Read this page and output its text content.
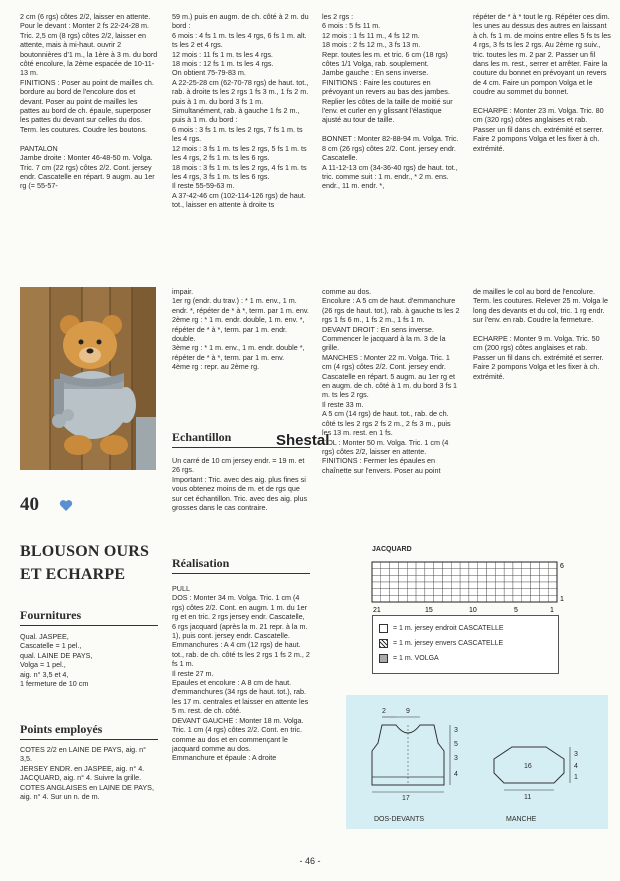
2 cm (6 rgs) côtes 2/2, laisser en attente.
Pour le devant : Monter 2 fs 22-24-28 m. Tric. 2,5 cm (8 rgs) côtes 2/2, laisser en attente, mais à mi-haut. ouvrir 2 boutonnières d'1 m., la 1ère à 3 m. du bord côté encolure, la 2ème espacée de 10-11-13 m.
FINITIONS : Poser au point de mailles ch. bordure au bord de l'encolure dos et devant. Poser au point de mailles les pattes au bord de ch. épaule, superposer les pattes du devant sur celles du dos. Term. les coutures. Coudre les boutons.

PANTALON
Jambe droite : Monter 46-48-50 m. Volga. Tric. 7 cm (22 rgs) côtes 2/2. Cont. jersey endr. Cascatelle en répart. 9 augm. au 1er rg (= 55-57-
59 m.) puis en augm. de ch. côté à 2 m. du bord :
6 mois : 4 fs 1 m. ts les 4 rgs, 6 fs 1 m. alt. ts les 2 et 4 rgs.
12 mois : 11 fs 1 m. ts les 4 rgs.
18 mois : 12 fs 1 m. ts les 4 rgs.
On obtient 75-79-83 m.
A 22-25-28 cm (62-70-78 rgs) de haut. tot., rab. à droite ts les 2 rgs 1 fs 3 m., 1 fs 2 m. puis à 1 m. du bord 3 fs 1 m. Simultanément, rab. à gauche 1 fs 2 m., puis à 1 m. du bord :
6 mois : 3 fs 1 m. ts les 2 rgs, 7 fs 1 m. ts les 4 rgs.
12 mois : 3 fs 1 m. ts les 2 rgs, 5 fs 1 m. ts les 4 rgs, 2 fs 1 m. ts les 6 rgs.
18 mois : 3 fs 1 m. ts les 2 rgs, 4 fs 1 m. ts les 4 rgs, 3 fs 1 m. ts les 6 rgs.
Il reste 55-59-63 m.
A 37-42-46 cm (102-114-126 rgs) de haut. tot., laisser en attente à droite ts
les 2 rgs :
6 mois : 5 fs 11 m.
12 mois : 1 fs 11 m., 4 fs 12 m.
18 mois : 2 fs 12 m., 3 fs 13 m.
Repr. toutes les m. et tric. 6 cm (18 rgs) côtes 1/1 Volga, rab. souplement.
Jambe gauche : En sens inverse.
FINITIONS : Faire les coutures en prévoyant un revers au bas des jambes. Replier les côtes de la taille de moitié sur l'env. et curler en y glissant l'élastique ajusté au tour de taille.

BONNET : Monter 82-88-94 m. Volga. Tric. 8 cm (26 rgs) côtes 2/2. Cont. jersey endr. Cascatelle.
A 11-12-13 cm (34-36-40 rgs) de haut. tot., tric. comme suit : 1 m. endr., * 2 m. ens. endr., 11 m. endr. *,
répéter de * à * tout le rg. Répéter ces dim. les unes au dessus des autres en laissant à ch. fs 1 m. de moins entre elles 5 fs ts les 4 rgs, 3 fs ts les 2 rgs. Au 2ème rg suiv., tric. toutes les m. 2 par 2. Passer un fil dans les m. rest., serrer et arrêter. Faire la couture du bonnet en prévoyant un revers de 4 cm. Faire un pompon Volga et le coudre au sommet du bonnet.

ECHARPE : Monter 23 m. Volga. Tric. 80 cm (320 rgs) côtes anglaises et rab. Passer un fil dans ch. extrémité et serrer. Faire 2 pompons Volga et les fixer à ch. extrémité.
40
BLOUSON OURS
ET ECHARPE
Fournitures
Qual. JASPEE,
Cascatelle = 1 pel.,
qual. LAINE DE PAYS,
Volga = 1 pel.,
aig. n° 3,5 et 4,
1 fermeture de 10 cm
Points employés
COTES 2/2 en LAINE DE PAYS, aig. n° 3,5.
JERSEY ENDR. en JASPEE, aig. n° 4.
JACQUARD, aig. n° 4. Suivre la grille.
COTES ANGLAISES en LAINE DE PAYS, aig. n° 4. Sur un n. de m.
impair.
1er rg (endr. du trav.) : * 1 m. env., 1 m. endr. *, répéter de * à *, term. par 1 m. env.
2ème rg : * 1 m. endr. double, 1 m. env. *, répéter de * à *, term. par 1 m. endr. double.
3ème rg : * 1 m. env., 1 m. endr. double *, répéter de * à *, term. par 1 m. env.
4ème rg : repr. au 2ème rg.
Echantillon
Un carré de 10 cm jersey endr. = 19 m. et 26 rgs.
Important : Tric. avec des aig. plus fines si vous obtenez moins de m. et de rgs que sur cet échantillon. Tric. avec des aig. plus grosses dans le cas contraire.
Réalisation
PULL
DOS : Monter 34 m. Volga. Tric. 1 cm (4 rgs) côtes 2/2. Cont. en augm. 1 m. du 1er rg et en tric. 2 rgs jersey endr. Cascatelle, 6 rgs jacquard (après la m. 21 repr. à la m. 1), puis cont. jersey endr. Cascatelle.
Emmanchures : A 4 cm (12 rgs) de haut. tot., rab. de ch. côté ts les 2 rgs 1 fs 2 m., 2 fs 1 m.
Il reste 27 m.
Epaules et encolure : A 8 cm de haut. d'emmanchures (34 rgs de haut. tot.), rab. les 17 m. centrales et laisser en attente les 5 m. rest. de ch. côté.
DEVANT GAUCHE : Monter 18 m. Volga. Tric. 1 cm (4 rgs) côtes 2/2. Cont. en tric. comme au dos et en commençant le jacquard comme au dos.
Emmanchure et épaule : A droite
comme au dos.
Encolure : A 5 cm de haut. d'emmanchure (26 rgs de haut. tot.), rab. à gauche ts les 2 rgs 1 fs 6 m., 1 fs 2 m., 1 fs 1 m.
DEVANT DROIT : En sens inverse. Commencer le jacquard à la m. 3 de la grille.
MANCHES : Monter 22 m. Volga. Tric. 1 cm (4 rgs) côtes 2/2. Cont. jersey endr. Cascatelle en répart. 5 augm. au 1er rg et en augm. de ch. côté à 1 m. du bord 3 fs 1 m. ts les 2 rgs.
Il reste 33 m.
A 5 cm (14 rgs) de haut. tot., rab. de ch. côté ts les 2 rgs 2 fs 2 m., 2 fs 3 m., puis les 13 m. rest. en 1 fs.
COL : Monter 50 m. Volga. Tric. 1 cm (4 rgs) côtes 2/2, laisser en attente.
FINITIONS : Fermer les épaules en chaînette sur l'envers. Poser au point
de mailles le col au bord de l'encolure. Term. les coutures. Relever 25 m. Volga le long des devants et du col, tric. 1 rg endr. sur l'env. en rab. Coudre la fermeture.

ECHARPE : Monter 9 m. Volga. Tric. 50 cm (200 rgs) côtes anglaises et rab. Passer un fil dans ch. extrémité et serrer. Faire 2 pompons Volga et les fixer à ch. extrémité.
Shestal
JACQUARD
6
1
21	15	10	5	1
= 1 m. jersey endroit CASCATELLE
= 1 m. jersey envers CASCATELLE
= 1 m. VOLGA
2	9
3
5
3
4
17
DOS-DEVANTS
16
3
4
1
11
MANCHE
- 46 -
